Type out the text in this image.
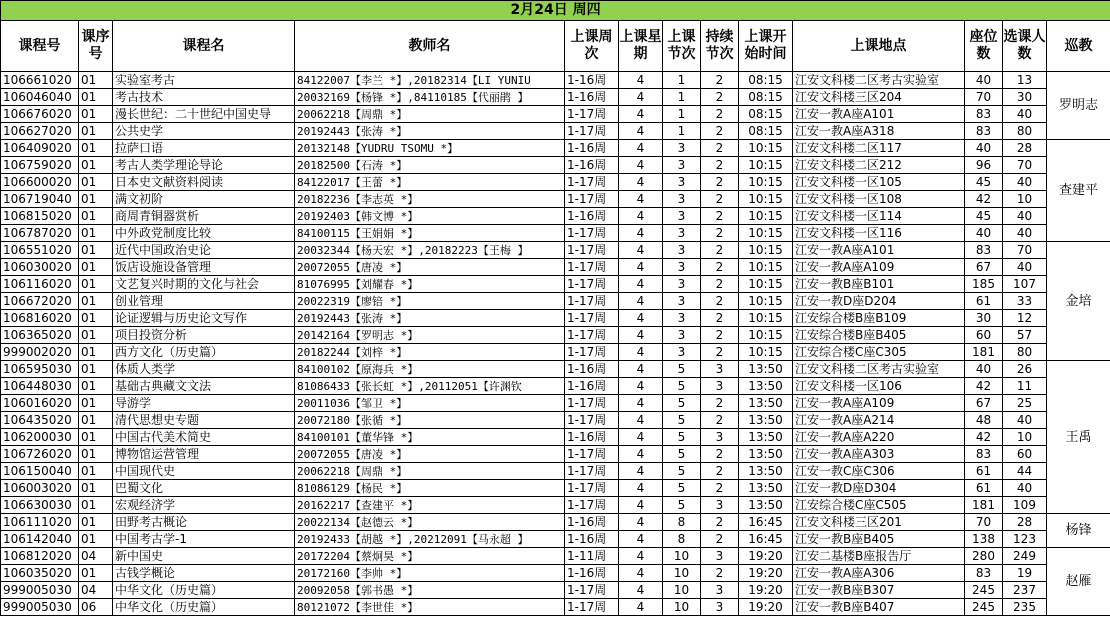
2月24日 周四												
课程号	课序号	课程名	教师名	上课周次	上课星期	上课节次	持续节次	上课开始时间	上课地点	座位数	选课人数	巡教
106661020	01	实验室考古	84122007【李兰 *】,20182314【LI YUNIU	1-16周	4	1	2	08:15	江安文科楼二区考古实验室	40	13	罗明志
106046040	01	考古技术	20032169【杨锋 *】,84110185【代丽鹃 】	1-16周	4	1	2	08:15	江安文科楼三区204	70	30	
106676020	01	漫长世纪：二十世纪中国史导	20062218【周鼎 *】	1-17周	4	1	2	08:15	江安一教A座A101	83	40	
106627020	01	公共史学	20192443【张涛 *】	1-17周	4	1	2	08:15	江安一教A座A318	83	80	
106409020	01	拉萨口语	20132148【YUDRU TSOMU *】	1-16周	4	3	2	10:15	江安文科楼二区117	40	28	查建平
106759020	01	考古人类学理论导论	20182500【石涛 *】	1-16周	4	3	2	10:15	江安文科楼二区212	96	70	
106600020	01	日本史文献资料阅读	84122017【王蕾 *】	1-17周	4	3	2	10:15	江安文科楼一区105	45	40	
106719040	01	满文初阶	20182236【李志英 *】	1-17周	4	3	2	10:15	江安文科楼一区108	42	10	
106815020	01	商周青铜器赏析	20192403【韩文博 *】	1-16周	4	3	2	10:15	江安文科楼一区114	45	40	
106787020	01	中外政党制度比较	84100115【王娟娟 *】	1-17周	4	3	2	10:15	江安文科楼一区116	40	40	
106551020	01	近代中国政治史论	20032344【杨天宏 *】,20182223【王梅 】	1-17周	4	3	2	10:15	江安一教A座A101	83	70	金培
106030020	01	饭店设施设备管理	20072055【唐凌 *】	1-17周	4	3	2	10:15	江安一教A座A109	67	40	
106116020	01	文艺复兴时期的文化与社会	81076995【刘耀春 *】	1-17周	4	3	2	10:15	江安一教B座B101	185	107	
106672020	01	创业管理	20022319【廖锫 *】	1-17周	4	3	2	10:15	江安一教D座D204	61	33	
106816020	01	论证逻辑与历史论文写作	20192443【张涛 *】	1-17周	4	3	2	10:15	江安综合楼B座B109	30	12	
106365020	01	项目投资分析	20142164【罗明志 *】	1-17周	4	3	2	10:15	江安综合楼B座B405	60	57	
999002020	01	西方文化（历史篇）	20182244【刘梓 *】	1-17周	4	3	2	10:15	江安综合楼C座C305	181	80	
106595030	01	体质人类学	84100102【原海兵 *】	1-16周	4	5	3	13:50	江安文科楼二区考古实验室	40	26	王禹
106448030	01	基础古典藏文文法	81086433【张长虹 *】,20112051【许渊钦	1-16周	4	5	3	13:50	江安文科楼一区106	42	11	
106016020	01	导游学	20011036【邹卫 *】	1-17周	4	5	2	13:50	江安一教A座A109	67	25	
106435020	01	清代思想史专题	20072180【张循 *】	1-17周	4	5	2	13:50	江安一教A座A214	48	40	
106200030	01	中国古代美术简史	84100101【董华锋 *】	1-16周	4	5	3	13:50	江安一教A座A220	42	10	
106726020	01	博物馆运营管理	20072055【唐凌 *】	1-17周	4	5	2	13:50	江安一教A座A303	83	60	
106150040	01	中国现代史	20062218【周鼎 *】	1-17周	4	5	2	13:50	江安一教C座C306	61	44	
106003020	01	巴蜀文化	81086129【杨民 *】	1-17周	4	5	2	13:50	江安一教D座D304	61	40	
106630030	01	宏观经济学	20162217【查建平 *】	1-17周	4	5	3	13:50	江安综合楼C座C505	181	109	
106111020	01	田野考古概论	20022134【赵德云 *】	1-16周	4	8	2	16:45	江安文科楼三区201	70	28	杨锋
106142040	01	中国考古学-1	20192433【胡越 *】,20212091【马永超 】	1-16周	4	8	2	16:45	江安一教B座B405	138	123	
106812020	04	新中国史	20172204【蔡炯昊 *】	1-11周	4	10	3	19:20	江安二基楼B座报告厅	280	249	赵雁
106035020	01	古钱学概论	20172160【李帅 *】	1-16周	4	10	2	19:20	江安一教A座A306	83	19	
999005030	04	中华文化（历史篇）	20092058【郭书愚 *】	1-17周	4	10	3	19:20	江安一教B座B307	245	237	
999005030	06	中华文化（历史篇）	80121072【李世佳 *】	1-17周	4	10	3	19:20	江安一教B座B407	245	235	
